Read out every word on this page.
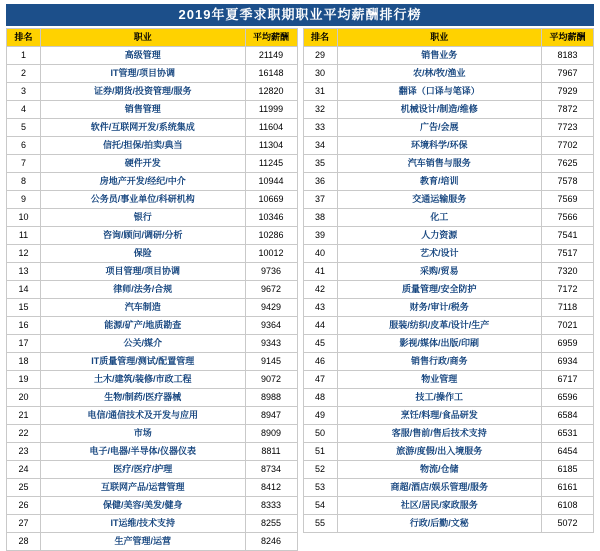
2019年夏季求职期职业平均薪酬排行榜
排名	职业	平均薪酬		排名	职业	平均薪酬
1	高级管理	21149		29	销售业务	8183
2	IT管理/项目协调	16148		30	农/林/牧/渔业	7967
3	证券/期货/投资管理/服务	12820		31	翻译（口译与笔译）	7929
4	销售管理	11999		32	机械设计/制造/维修	7872
5	软件/互联网开发/系统集成	11604		33	广告/会展	7723
6	信托/担保/拍卖/典当	11304		34	环境科学/环保	7702
7	硬件开发	11245		35	汽车销售与服务	7625
8	房地产开发/经纪/中介	10944		36	教育/培训	7578
9	公务员/事业单位/科研机构	10669		37	交通运输服务	7569
10	银行	10346		38	化工	7566
11	咨询/顾问/调研/分析	10286		39	人力资源	7541
12	保险	10012		40	艺术/设计	7517
13	项目管理/项目协调	9736		41	采购/贸易	7320
14	律师/法务/合规	9672		42	质量管理/安全防护	7172
15	汽车制造	9429		43	财务/审计/税务	7118
16	能源/矿产/地质勘查	9364		44	服装/纺织/皮革/设计/生产	7021
17	公关/媒介	9343		45	影视/媒体/出版/印刷	6959
18	IT质量管理/测试/配置管理	9145		46	销售行政/商务	6934
19	土木/建筑/装修/市政工程	9072		47	物业管理	6717
20	生物/制药/医疗器械	8988		48	技工/操作工	6596
21	电信/通信技术及开发与应用	8947		49	烹饪/料理/食品研发	6584
22	市场	8909		50	客服/售前/售后技术支持	6531
23	电子/电器/半导体/仪器仪表	8811		51	旅游/度假/出入境服务	6454
24	医疗/医疗/护理	8734		52	物流/仓储	6185
25	互联网产品/运营管理	8412		53	商超/酒店/娱乐管理/服务	6161
26	保健/美容/美发/健身	8333		54	社区/居民/家政服务	6108
27	IT运维/技术支持	8255		55	行政/后勤/文秘	5072
28	生产管理/运营	8246				
